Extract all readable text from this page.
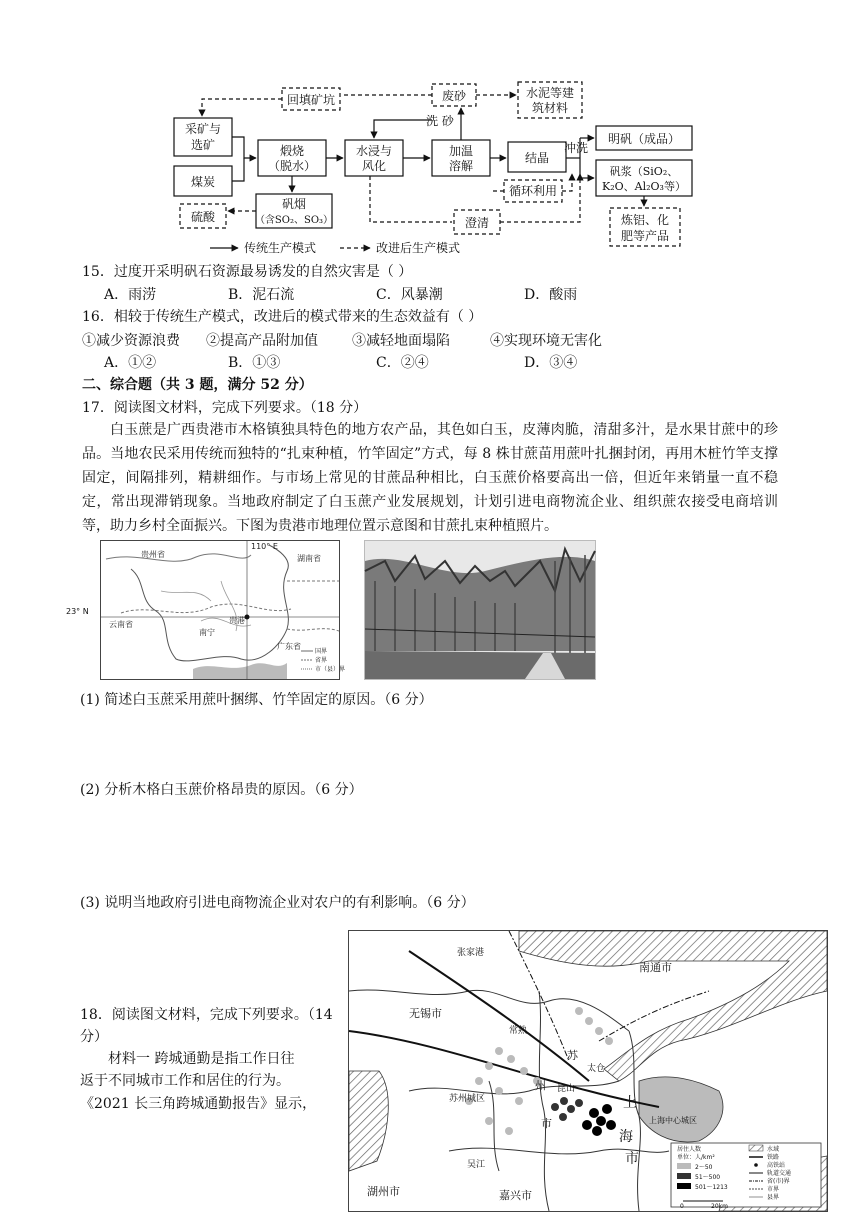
采矿与
选矿
煤炭
煅烧
（脱水）
水浸与
风化
加温
溶解
结晶
冲洗
明矾（成品）
矾浆（SiO₂、
K₂O、Al₂O₃等）
炼铝、化
肥等产品
矾烟
（含SO₂、SO₃）
硫酸
回填矿坑	废砂	水泥等建
筑材料
洗 砂
循环利用
澄清
传统生产模式	改进后生产模式
15．过度开采明矾石资源最易诱发的自然灾害是（ ）
A．雨涝	B．泥石流	C．风暴潮	D．酸雨
16．相较于传统生产模式，改进后的模式带来的生态效益有（ ）
①减少资源浪费	②提高产品附加值	③减轻地面塌陷	④实现环境无害化
A．①②	B．①③	C．②④	D．③④
二、综合题（共 3 题，满分 52 分）
17．阅读图文材料，完成下列要求。（18 分）
白玉蔗是广西贵港市木格镇独具特色的地方农产品，其色如白玉，皮薄肉脆，清甜多汁，是水果甘蔗中的珍品。当地农民采用传统而独特的“扎束种植，竹竿固定”方式，每 8 株甘蔗苗用蔗叶扎捆封闭，再用木桩竹竿支撑固定，间隔排列，精耕细作。与市场上常见的甘蔗品种相比，白玉蔗价格要高出一倍，但近年来销量一直不稳定，常出现滞销现象。当地政府制定了白玉蔗产业发展规划，计划引进电商物流企业、组织蔗农接受电商培训等，助力乡村全面振兴。下图为贵港市地理位置示意图和甘蔗扎束种植照片。
110° E
贵州省	湖南省
云南省
南宁
贵港
广东省
国界
省界
市（县）界
23° N
(1) 简述白玉蔗采用蔗叶捆绑、竹竿固定的原因。（6 分）
(2) 分析木格白玉蔗价格昂贵的原因。（6 分）
(3) 说明当地政府引进电商物流企业对农户的有利影响。（6 分）
18．阅读图文材料，完成下列要求。（14
分）
材料一 跨城通勤是指工作日往
返于不同城市工作和居住的行为。
《2021 长三角跨城通勤报告》显示，
南通市
张家港
无锡市
常熟
苏
太仓
州 昆山
苏州城区
市
上
海
市
上海中心城区
吴江
湖州市	嘉兴市
居住人数
单位：人/km²
2～50
51～500
501～1213
水域
铁路
高铁站
轨道交通
省(市)界
市界
县界
0	20km
